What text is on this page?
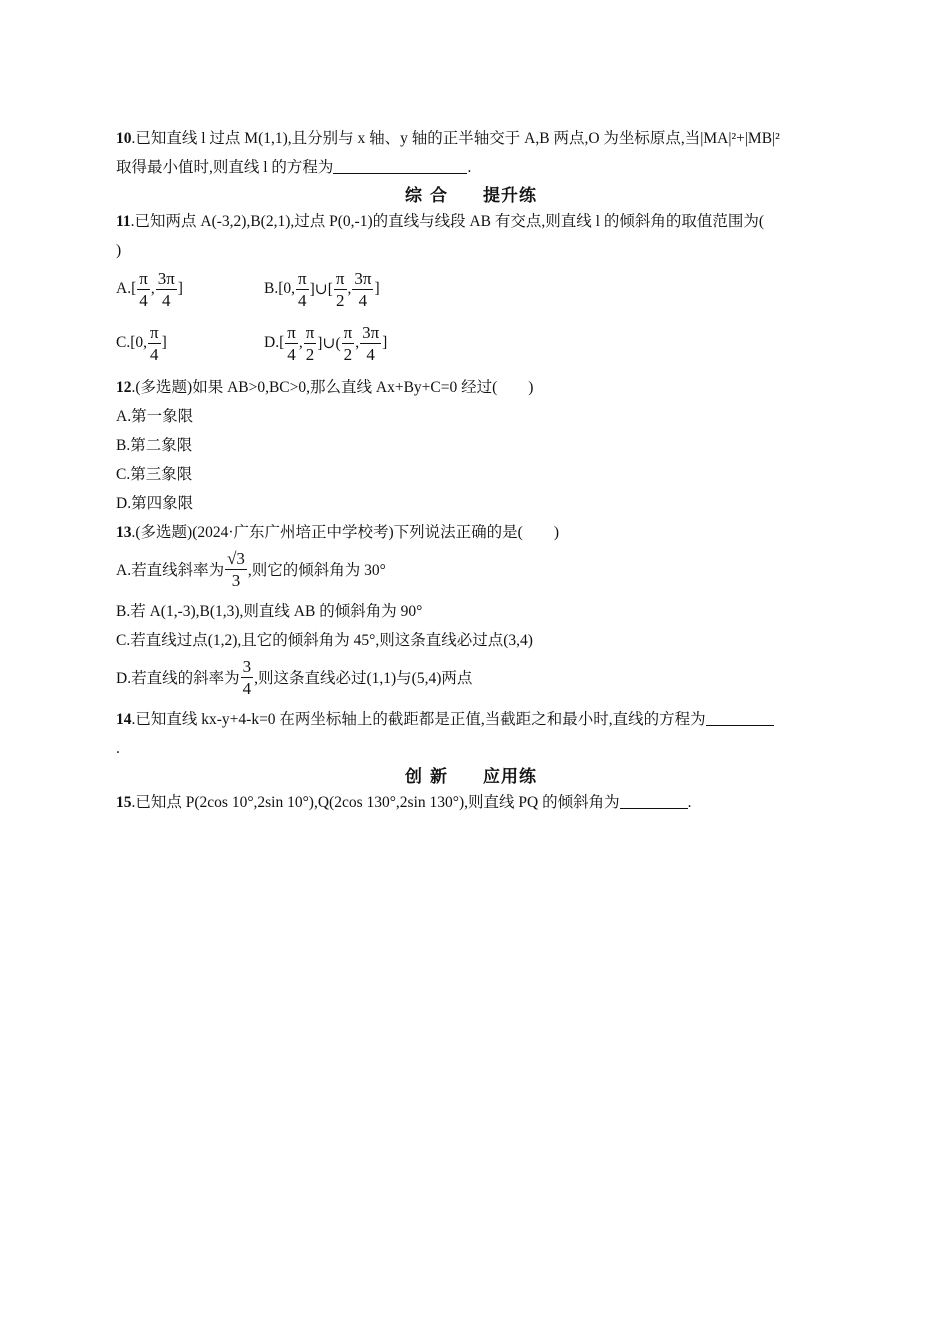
10.已知直线 l 过点 M(1,1),且分别与 x 轴、y 轴的正半轴交于 A,B 两点,O 为坐标原点,当|MA|²+|MB|²
取得最小值时,则直线 l 的方程为	.
综合 提升练
11.已知两点 A(-3,2),B(2,1),过点 P(0,-1)的直线与线段 AB 有交点,则直线 l 的倾斜角的取值范围为(
)
$A.[ \frac{\pi}{4}$ , $\frac{3\pi}{4}$ ]	B.[0, $\frac{\pi}{4}$ ]∪[ $\frac{\pi}{2}$ , $\frac{3\pi}{4}$ ]
C.[0, $\frac{\pi}{4}$ ]	$D.[ \frac{\pi}{4}$ , $\frac{\pi}{2}$ ]∪( $\frac{\pi}{2}$ , $\frac{3\pi}{4}$ ]
12.(多选题)如果 AB>0,BC>0,那么直线 Ax+By+C=0 经过(　　)
A.第一象限
B.第二象限
C.第三象限
D.第四象限
13.(多选题)(2024·广东广州培正中学校考)下列说法正确的是(　　)
A.若直线斜率为 $\frac{√3}{3}$ ,则它的倾斜角为 30°
B.若 A(1,-3),B(1,3),则直线 AB 的倾斜角为 90°
C.若直线过点(1,2),且它的倾斜角为 45°,则这条直线必过点(3,4)
D.若直线的斜率为 $\frac{3}{4}$ ,则这条直线必过(1,1)与(5,4)两点
14.已知直线 kx-y+4-k=0 在两坐标轴上的截距都是正值,当截距之和最小时,直线的方程为
.
创新 应用练
15.已知点 P(2cos 10°,2sin 10°),Q(2cos 130°,2sin 130°),则直线 PQ 的倾斜角为	.
